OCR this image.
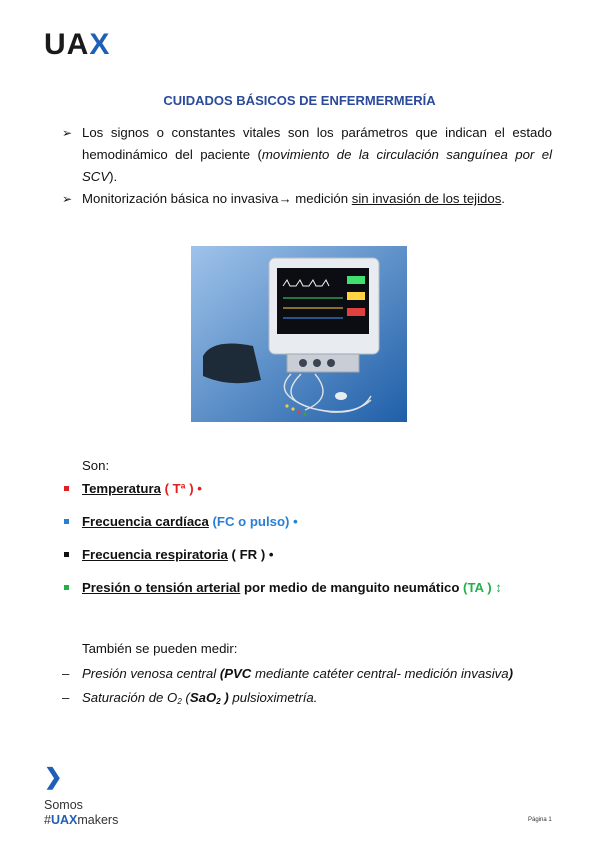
UAX
CUIDADOS BÁSICOS DE ENFERMERMERÍA
➢ Los signos o constantes vitales son los parámetros que indican el estado hemodinámico del paciente (movimiento de la circulación sanguínea por el SCV).
➢ Monitorización básica no invasiva→ medición sin invasión de los tejidos.
Son:
Temperatura ( Tª ) •
Frecuencia cardíaca (FC o pulso) •
Frecuencia respiratoria ( FR ) •
Presión o tensión arterial por medio de manguito neumático (TA ) ↕
También se pueden medir:
– Presión venosa central (PVC mediante catéter central- medición invasiva)
– Saturación de $O_2$ (SaO$_2$ ) pulsioximetría.
❯
Somos
#UAXmakers	Página 1
